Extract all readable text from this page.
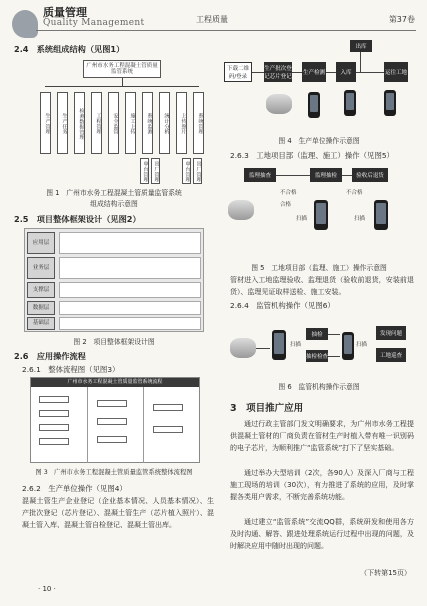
质量管理
Quality Management	工程质量	第37卷
2.4　系统组成结构（见图1）
广州市水务工程混凝土管质量监管系统
生产管理	生产任务	检测数据管理	工程管理	安全监管	施工上传	系统监测	统计分析	上传照片	系统管理
单台管理 出厂管理	单台管理 出厂管理
图 1　广州市水务工程混凝土管质量监管系统
组成结构示意图
2.5　项目整体框架设计（见图2）
应用层
业务层
支撑层
数据层
基础层
图 2　项目整体框架设计图
2.6　应用操作流程
2.6.1　整体流程图（见图3）
广州市水务工程混凝土管质量监管系统流程
图 3　广州市水务工程混凝土管质量监管系统整体流程图
2.6.2　生产单位操作（见图4）
混凝土管生产企业登记（企业基本情况、人员基本情况）、生产批次登记（芯片登记）、混凝土管生产（芯片植入照片）、混凝土管入库、混凝土管自检登记、混凝土管出库。
· 10 ·
下载二维码/登录
生产批次登记芯片登记
生产检测	入库
出库
运往工地
图 4　生产单位操作示意图
2.6.3　工地项目部（监理、施工）操作（见图5）
监理抽查	监理抽检	验收后退货
不合格
合格
不合格
扫描	扫描
图 5　工地项目部（监理、施工）操作示意图
管材进入工地监理验收、监理退货（验收前退货，安装前退货）、监理见证取样送检、施工安装。
2.6.4　监管机构操作（见图6）
扫描
抽检
抽检检查
扫描
发现问题
工地巡查
图 6　监管机构操作示意图
3　项目推广应用
通过行政主管部门发文明确要求，为广州市水务工程提供混凝土管材的厂商负责在管材生产时植入带有唯一识别码的电子芯片，为顺利推广“监管系统”打下了坚实基础。
通过举办大型培训（2次，各90人）及深入厂商与工程施工现场的培训（30次），有力推进了系统的应用，及时掌握各类用户需求，不断完善系统功能。
通过建立“监管系统”交流QQ群，系统研发和使用各方及时沟通、解答、跟进处理系统运行过程中出现的问题，及时解决应用中随时出现的问题。
（下转第15页）
